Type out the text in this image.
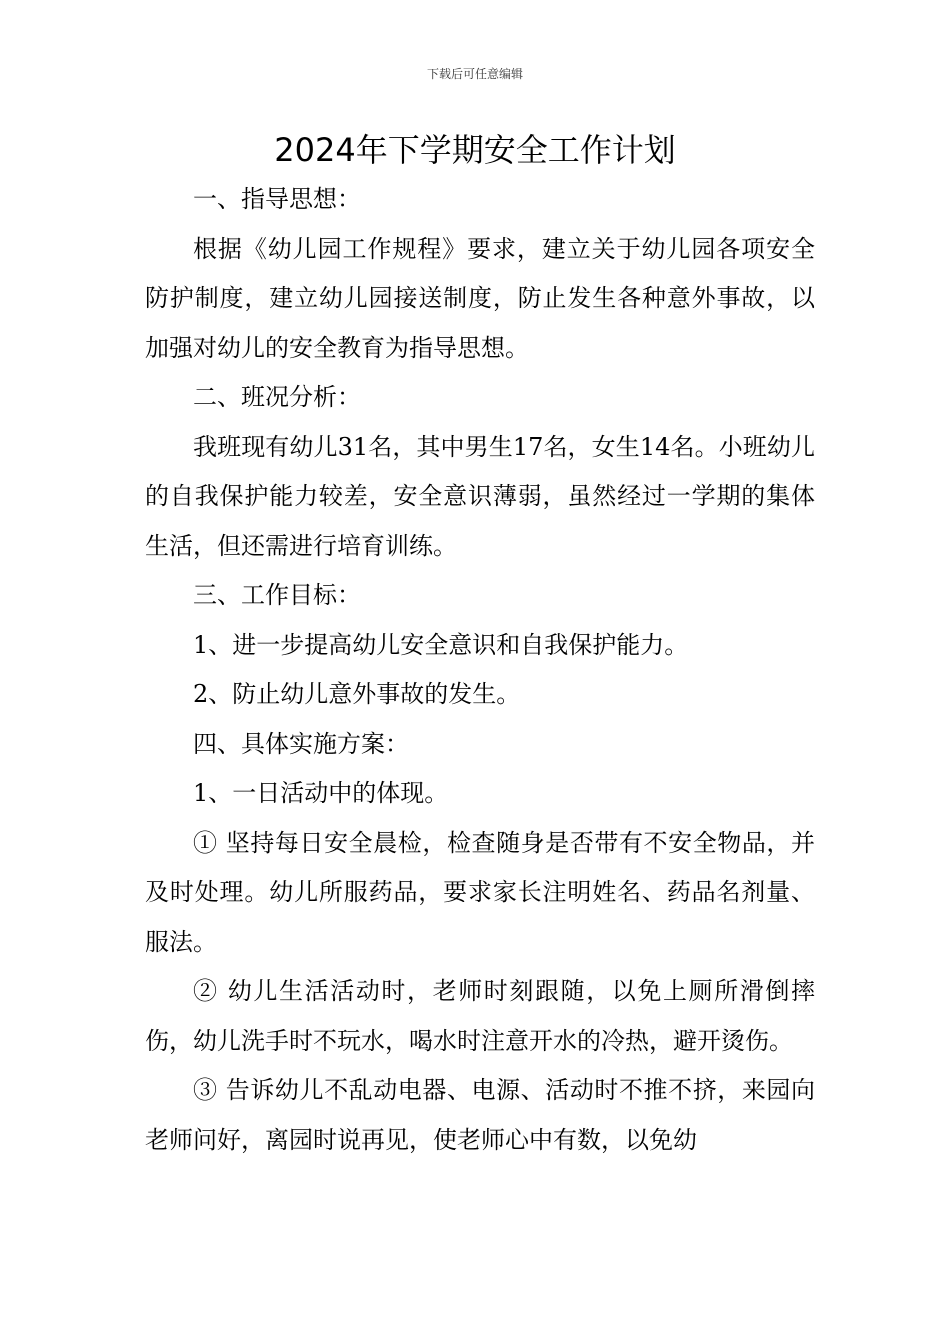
下载后可任意编辑
2024年下学期安全工作计划

一、指导思想：

根据《幼儿园工作规程》要求，建立关于幼儿园各项安全防护制度，建立幼儿园接送制度，防止发生各种意外事故，以加强对幼儿的安全教育为指导思想。

二、班况分析：

我班现有幼儿31名，其中男生17名，女生14名。小班幼儿的自我保护能力较差，安全意识薄弱，虽然经过一学期的集体生活，但还需进行培育训练。

三、工作目标：

1、进一步提高幼儿安全意识和自我保护能力。

2、防止幼儿意外事故的发生。

四、具体实施方案：

1、一日活动中的体现。

① 坚持每日安全晨检，检查随身是否带有不安全物品，并及时处理。幼儿所服药品，要求家长注明姓名、药品名剂量、服法。

② 幼儿生活活动时，老师时刻跟随，以免上厕所滑倒摔伤，幼儿洗手时不玩水，喝水时注意开水的冷热，避开烫伤。

③ 告诉幼儿不乱动电器、电源、活动时不推不挤，来园向老师问好，离园时说再见，使老师心中有数，以免幼
